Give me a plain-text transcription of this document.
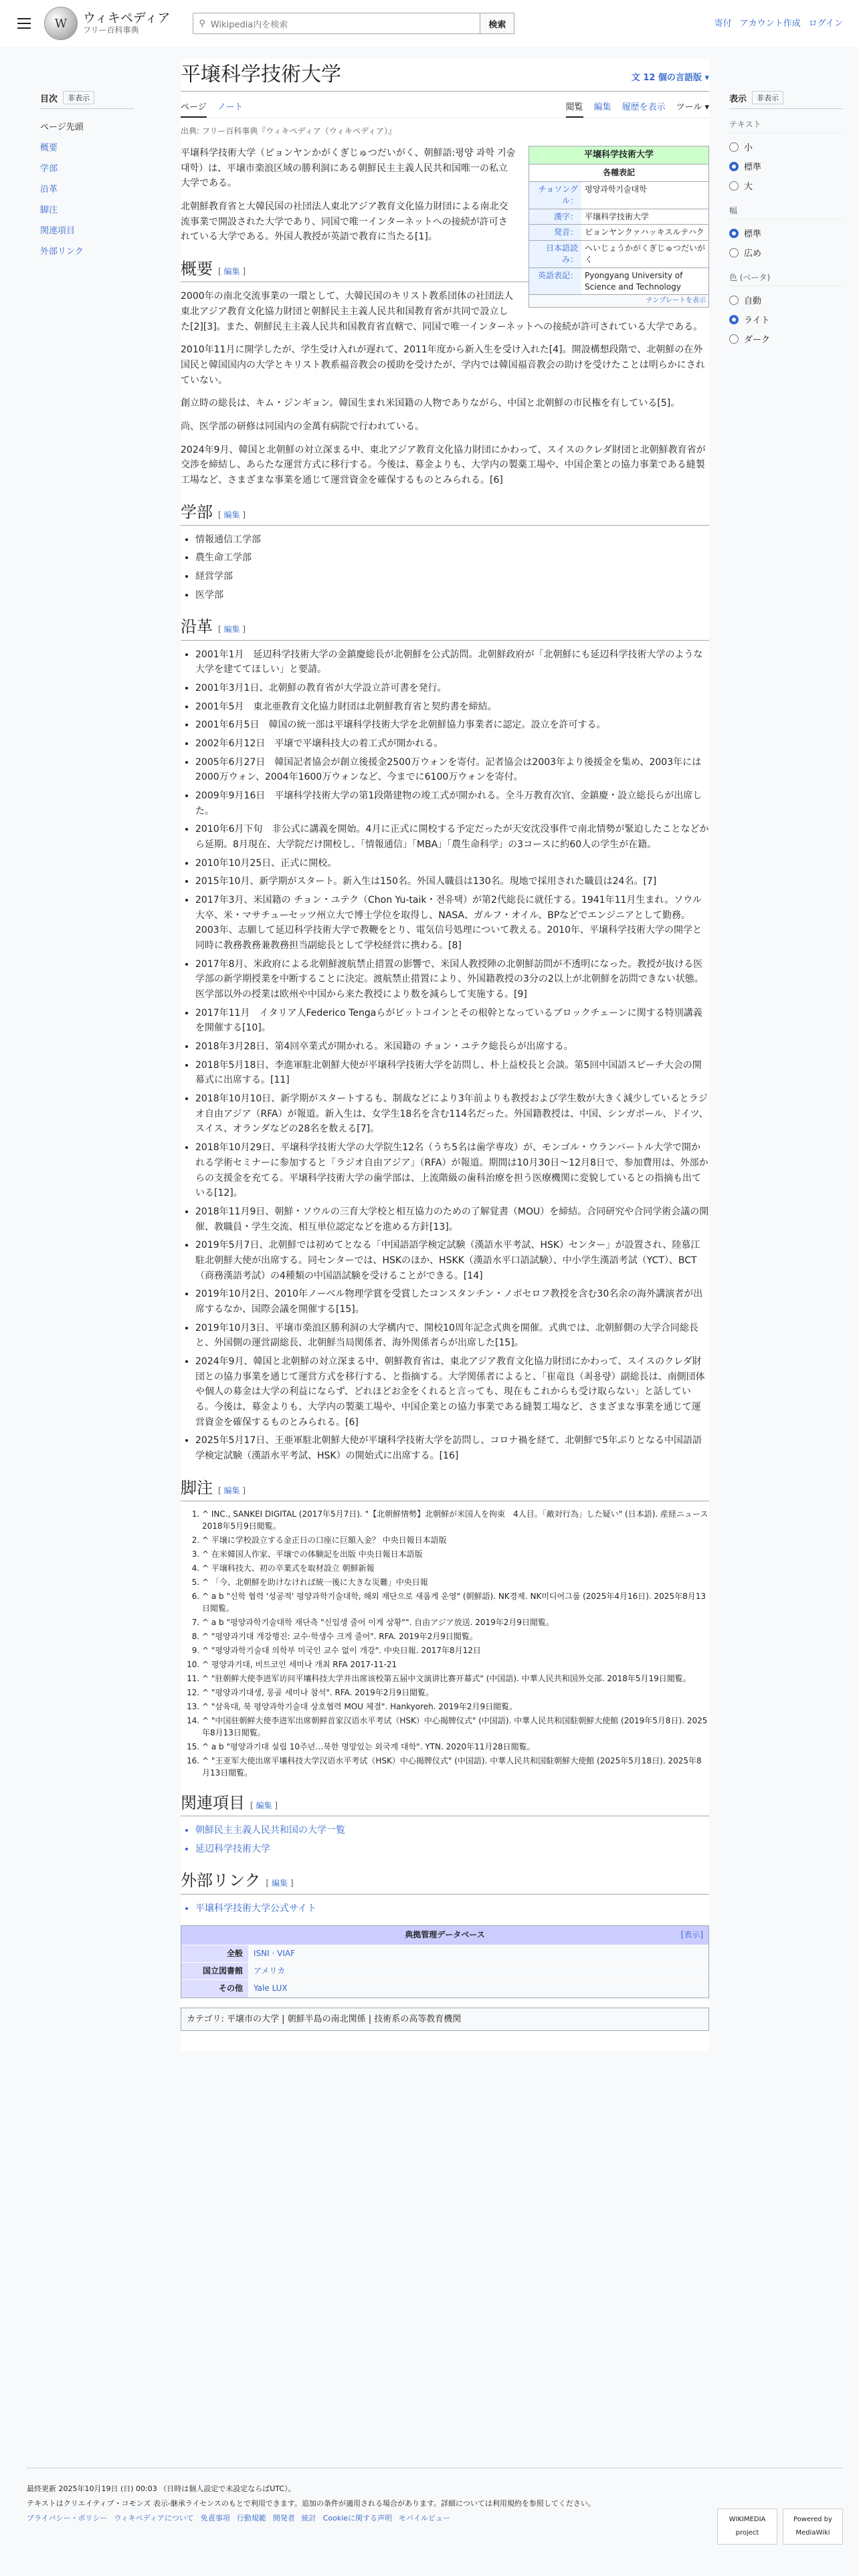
W	ウィキペディア
フリー百科事典
⚲ Wikipedia内を検索	検索	寄付 アカウント作成 ログイン
目次	非表示
ページ先頭
概要
学部
沿革
脚注
関連項目
外部リンク
表示	非表示
テキスト
小
標準
大
幅
標準
広め
色 (ベータ)
自動
ライト
ダーク
平壌科学技術大学	文 12 個の言語版 ▾
ページ ノート	閲覧 編集 履歴を表示 ツール ▾
出典: フリー百科事典『ウィキペディア（ウィキペディア）』
平壌科学技術大学
各種表記
チョソングル：	평양과학기술대학
漢字：	平壌科学技術大学
発音：	ピョンヤンクァハッキスルテハク
日本語読み：	へいじょうかがくぎじゅつだいがく
英語表記：	Pyongyang University of Science and Technology
テンプレートを表示

平壌科学技術大学（ピョンヤンかがくぎじゅつだいがく、朝鮮語:평양 과학 기술 대학）は、平壌市楽浪区域の勝利洞にある朝鮮民主主義人民共和国唯一の私立大学である。

北朝鮮教育省と大韓民国の社団法人東北アジア教育文化協力財団による南北交流事業で開設された大学であり、同国で唯一インターネットへの接続が許可されている大学である。外国人教授が英語で教育に当たる[1]。

概要 [ 編集 ]

2000年の南北交流事業の一環として、大韓民国のキリスト教系団体の社団法人東北アジア教育文化協力財団と朝鮮民主主義人民共和国教育省が共同で設立した[2][3]。また、朝鮮民主主義人民共和国教育省直轄で、同国で唯一インターネットへの接続が許可されている大学である。

2010年11月に開学したが、学生受け入れが遅れて、2011年度から新入生を受け入れた[4]。開設構想段階で、北朝鮮の在外国民と韓国国内の大学とキリスト教系福音教会の援助を受けたが、学内では韓国福音教会の助けを受けたことは明らかにされていない。

創立時の総長は、キム・ジンギョン。韓国生まれ米国籍の人物でありながら、中国と北朝鮮の市民権を有している[5]。

尚、医学部の研修は同国内の金萬有病院で行われている。

2024年9月、韓国と北朝鮮の対立深まる中、東北アジア教育文化協力財団にかわって、スイスのクレダ財団と北朝鮮教育省が交渉を締結し、あらたな運営方式に移行する。今後は、募金よりも、大学内の製薬工場や、中国企業との協力事業である縫製工場など、さまざまな事業を通じて運営資金を確保するものとみられる。[6]

学部 [ 編集 ]
• 情報通信工学部
• 農生命工学部
• 経営学部
• 医学部
沿革 [ 編集 ]
• 2001年1月　延辺科学技術大学の金鎮慶総長が北朝鮮を公式訪問。北朝鮮政府が「北朝鮮にも延辺科学技術大学のような大学を建ててほしい」と要請。
• 2001年3月1日、北朝鮮の教育省が大学設立許可書を発行。
• 2001年5月　東北亜教育文化協力財団は北朝鮮教育省と契約書を締結。
• 2001年6月5日　韓国の統一部は平壌科学技術大学を北朝鮮協力事業者に認定。設立を許可する。
• 2002年6月12日　平壌で平壌科技大の着工式が開かれる。
• 2005年6月27日　韓国記者協会が創立後援金2500万ウォンを寄付。記者協会は2003年より後援金を集め、2003年には2000万ウォン、2004年1600万ウォンなど、今までに6100万ウォンを寄付。
• 2009年9月16日　平壌科学技術大学の第1段階建物の竣工式が開かれる。全斗万教育次官、金鎮慶・設立総長らが出席した。
• 2010年6月下旬　非公式に講義を開始。4月に正式に開校する予定だったが天安沈没事件で南北情勢が緊迫したことなどから延期。8月現在、大学院だけ開校し、「情報通信」「MBA」「農生命科学」の3コースに約60人の学生が在籍。
• 2010年10月25日、正式に開校。
• 2015年10月、新学期がスタート。新入生は150名。外国人職員は130名。現地で採用された職員は24名。[7]
• 2017年3月、米国籍の チョン・ユテク（Chon Yu-taik・전유택）が第2代総長に就任する。1941年11月生まれ。ソウル大卒、米・マサチューセッツ州立大で博士学位を取得し、NASA、ガルフ・オイル、BPなどでエンジニアとして勤務。2003年、志願して延辺科学技術大学で教鞭をとり、電気信号処理について教える。2010年、平壌科学技術大学の開学と同時に教務教務兼教務担当副総長として学校経営に携わる。[8]
• 2017年8月、米政府による北朝鮮渡航禁止措置の影響で、米国人教授陣の北朝鮮訪問が不透明になった。教授が抜ける医学部の新学期授業を中断することに決定。渡航禁止措置により、外国籍教授の3分の2以上が北朝鮮を訪問できない状態。医学部以外の授業は欧州や中国から来た教授により数を減らして実施する。[9]
• 2017年11月　イタリア人Federico Tengaらがビットコインとその根幹となっているブロックチェーンに関する特別講義を開催する[10]。
• 2018年3月28日、第4回卒業式が開かれる。米国籍の チョン・ユテク総長らが出席する。
• 2018年5月18日、李進軍駐北朝鮮大使が平壌科学技術大学を訪問し、朴上益校長と会談。第5回中国語スピーチ大会の開幕式に出席する。[11]
• 2018年10月10日、新学期がスタートするも、制裁などにより3年前よりも教授および学生数が大きく減少しているとラジオ自由アジア（RFA）が報道。新入生は、女学生18名を含む114名だった。外国籍教授は、中国、シンガポール、ドイツ、スイス、オランダなどの28名を数える[7]。
• 2018年10月29日、平壌科学技術大学の大学院生12名（うち5名は歯学専攻）が、モンゴル・ウランバートル大学で開かれる学術セミナーに参加すると「ラジオ自由アジア」（RFA）が報道。期間は10月30日～12月8日で、参加費用は、外部からの支援金を充てる。平壌科学技術大学の歯学部は、上流階級の歯科治療を担う医療機関に変貌しているとの指摘も出ている[12]。
• 2018年11月9日、朝鮮・ソウルの三育大学校と相互協力のための了解覚書（MOU）を締結。合同研究や合同学術会議の開催、教職員・学生交流、相互単位認定などを進める方針[13]。
• 2019年5月7日、北朝鮮では初めてとなる「中国語語学検定試験（漢語水平考試、HSK）センター」が設置され、陸慕江駐北朝鮮大使が出席する。同センターでは、HSKのほか、HSKK（漢語水平口語試験）、中小学生漢語考試（YCT）、BCT（商務漢語考試）の4種類の中国語試験を受けることができる。[14]
• 2019年10月2日、2010年ノーベル物理学賞を受賞したコンスタンチン・ノボセロフ教授を含む30名余の海外講演者が出席するなか、国際会議を開催する[15]。
• 2019年10月3日、平壌市楽浪区勝利洞の大学構内で、開校10周年記念式典を開催。式典では、北朝鮮側の大学合同総長と、外国側の運営副総長、北朝鮮当局関係者、海外関係者らが出席した[15]。
• 2024年9月、韓国と北朝鮮の対立深まる中、朝鮮教育省は、東北アジア教育文化協力財団にかわって、スイスのクレダ財団との協力事業を通じて運営方式を移行する、と指摘する。大学関係者によると、「崔竜良（최용량）副総長は、南側団体や個人の募金は大学の利益にならず、どれほどお金をくれると言っても、現在もこれからも受け取らない」と話している。今後は、募金よりも、大学内の製薬工場や、中国企業との協力事業である縫製工場など、さまざまな事業を通じて運営資金を確保するものとみられる。[6]
• 2025年5月17日、王亜軍駐北朝鮮大使が平壌科学技術大学を訪問し、コロナ禍を経て、北朝鮮で5年ぶりとなる中国語語学検定試験（漢語水平考試、HSK）の開始式に出席する。[16]
脚注 [ 編集 ]
1. ^ INC., SANKEI DIGITAL (2017年5月7日). "【北朝鮮情勢】北朝鮮が米国人を拘束　4人目。「敵対行為」した疑い" (日本語). 産経ニュース 2018年5月9日閲覧。
2. ^ 平壌に学校設立する金正日の口座に巨額入金？ 中央日報日本語版
3. ^ 在米韓国人作家、平壌での体験記を出版 中央日報日本語版
4. ^ 平壌科技大、初の卒業式を取材設立 朝鮮新報
5. ^ 「今、北朝鮮を助けなければ統一後に大きな災難」中央日報
6. ^ a b "신학 협력 '성공적' 평양과학기술대학, 해외 재단으로 새롭게 운영" (朝鮮語). NK경제. NK미디어그룹 (2025年4月16日). 2025年8月13日閲覧。
7. ^ a b "평양과학기술대학 재단측 "신입생 줄어 이게 상황"". 自由アジア放送. 2019年2月9日閲覧。
8. ^ "평양과기대 개강행진: 교수·학생수 크게 줄어". RFA. 2019年2月9日閲覧。
9. ^ "평양과학기술대 의학부 미국인 교수 없이 개강". 中央日報. 2017年8月12日
10. ^ 평양과기대, 비트코인 세미나 개최 RFA 2017-11-21
11. ^ "驻朝鲜大使李进军访问平壤科技大学并出席该校第五届中文演讲比赛开幕式" (中国語). 中華人民共和国外交部. 2018年5月19日閲覧。
12. ^ "평양과기대생, 몽골 세미나 참석". RFA. 2019年2月9日閲覧。
13. ^ "삼육대, 북 평양과학기술대 상호협력 MOU 체결". Hankyoreh. 2019年2月9日閲覧。
14. ^ "中国驻朝鲜大使李进军出席朝鲜首家汉语水平考试（HSK）中心揭牌仪式" (中国語). 中華人民共和国駐朝鮮大使館 (2019年5月8日). 2025年8月13日閲覧。
15. ^ a b "평양과기대 설립 10주년…북한 명망있는 외국계 대학". YTN. 2020年11月28日閲覧。
16. ^ "王亚军大使出席平壤科技大学汉语水平考试（HSK）中心揭牌仪式" (中国語). 中華人民共和国駐朝鮮大使館 (2025年5月18日). 2025年8月13日閲覧。
関連項目 [ 編集 ]
• 朝鮮民主主義人民共和国の大学一覧
• 延辺科学技術大学
外部リンク [ 編集 ]
• 平壌科学技術大学公式サイト
典拠管理データベース	[表示]
全般	ISNI · VIAF
国立図書館	アメリカ
その他	Yale LUX
カテゴリ: 平壌市の大学 | 朝鮮半島の南北関係 | 技術系の高等教育機関
最終更新 2025年10月19日 (日) 00:03 （日時は個人設定で未設定ならばUTC）。
テキストはクリエイティブ・コモンズ 表示-継承ライセンスのもとで利用できます。追加の条件が適用される場合があります。詳細については利用規約を参照してください。
プライバシー・ポリシー ウィキペディアについて 免責事項 行動規範 開発者 統計 Cookieに関する声明 モバイルビュー	WIKIMEDIA project
Powered by MediaWiki
